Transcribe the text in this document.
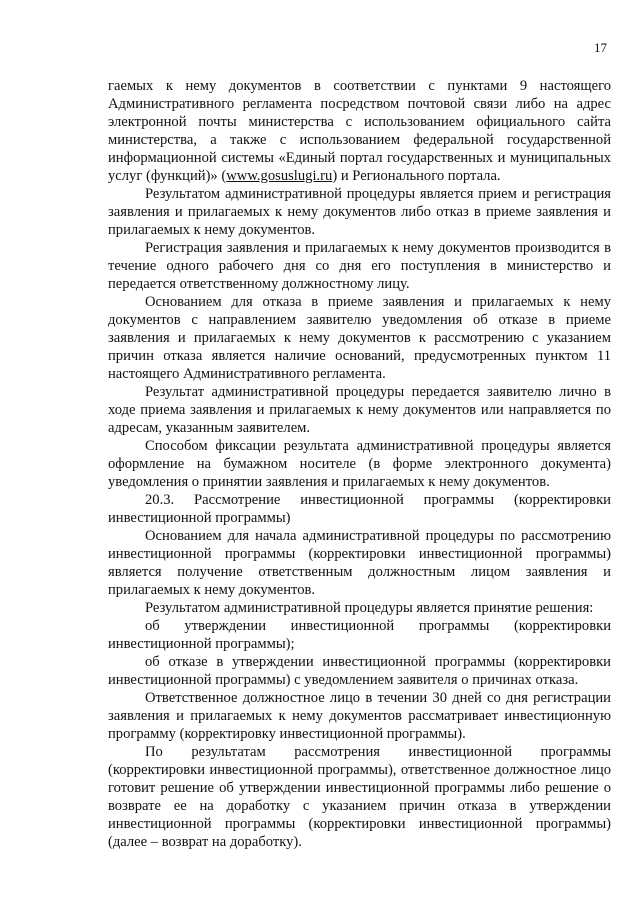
17

гаемых к нему документов в соответствии с пунктами 9 настоящего Административного регламента посредством почтовой связи либо на адрес электронной почты министерства с использованием официального сайта министерства, а также с использованием федеральной государственной информационной системы «Единый портал государственных и муниципальных услуг (функций)» (www.gosuslugi.ru) и Регионального портала.

Результатом административной процедуры является прием и регистрация заявления и прилагаемых к нему документов либо отказ в приеме заявления и прилагаемых к нему документов.

Регистрация заявления и прилагаемых к нему документов производится в течение одного рабочего дня со дня его поступления в министерство и передается ответственному должностному лицу.

Основанием для отказа в приеме заявления и прилагаемых к нему документов с направлением заявителю уведомления об отказе в приеме заявления и прилагаемых к нему документов к рассмотрению с указанием причин отказа является наличие оснований, предусмотренных пунктом 11 настоящего Административного регламента.

Результат административной процедуры передается заявителю лично в ходе приема заявления и прилагаемых к нему документов или направляется по адресам, указанным заявителем.

Способом фиксации результата административной процедуры является оформление на бумажном носителе (в форме электронного документа) уведомления о принятии заявления и прилагаемых к нему документов.

20.3. Рассмотрение инвестиционной программы (корректировки инвестиционной программы)

Основанием для начала административной процедуры по рассмотрению инвестиционной программы (корректировки инвестиционной программы) является получение ответственным должностным лицом заявления и прилагаемых к нему документов.

Результатом административной процедуры является принятие решения:

об утверждении инвестиционной программы (корректировки инвестиционной программы);

об отказе в утверждении инвестиционной программы (корректировки инвестиционной программы) с уведомлением заявителя о причинах отказа.

Ответственное должностное лицо в течении 30 дней со дня регистрации заявления и прилагаемых к нему документов рассматривает инвестиционную программу (корректировку инвестиционной программы).

По результатам рассмотрения инвестиционной программы (корректировки инвестиционной программы), ответственное должностное лицо готовит решение об утверждении инвестиционной программы либо решение о возврате ее на доработку с указанием причин отказа в утверждении инвестиционной программы (корректировки инвестиционной программы) (далее – возврат на доработку).
